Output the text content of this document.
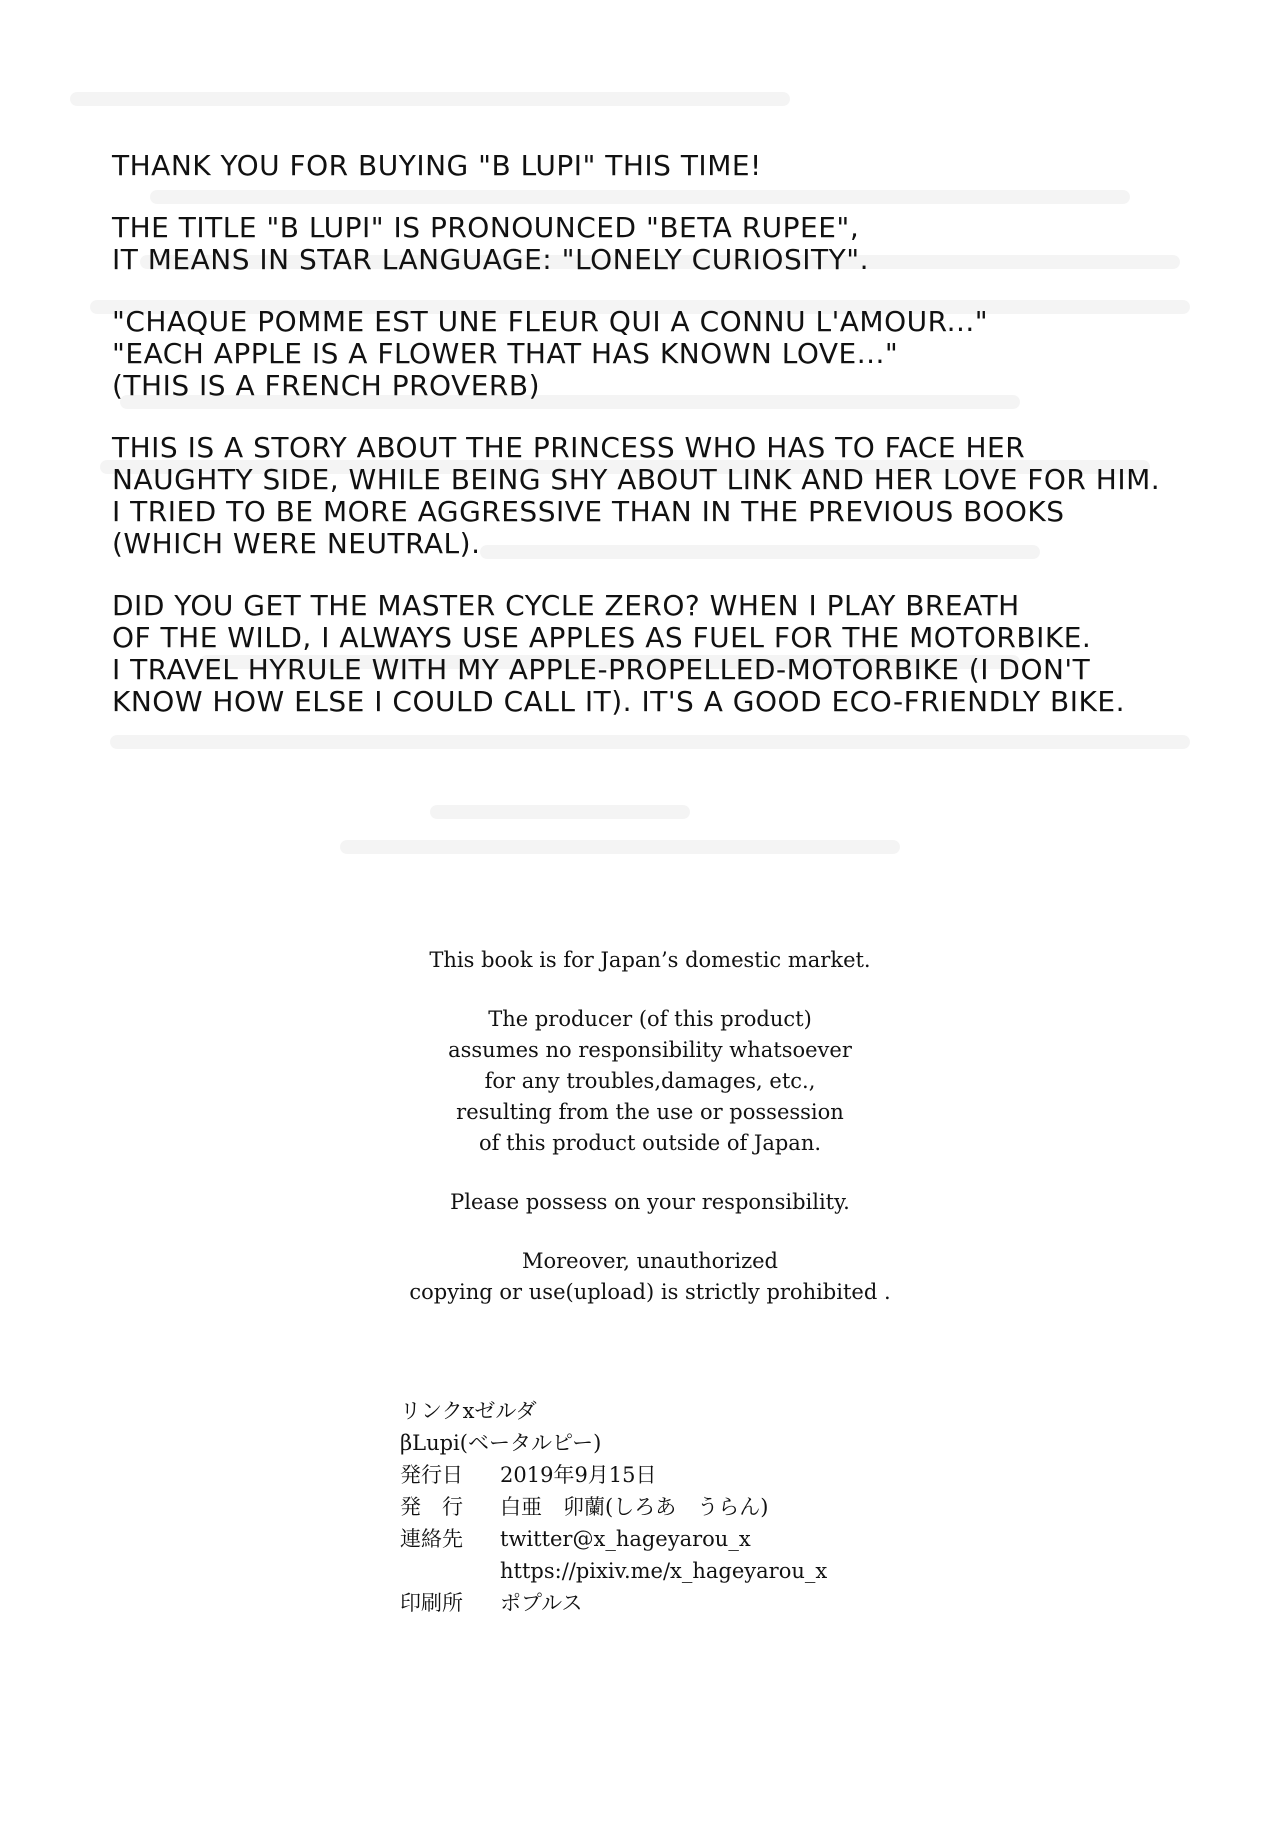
THANK YOU FOR BUYING "Β LUPI" THIS TIME!

THE TITLE "Β LUPI" IS PRONOUNCED "BETA RUPEE",
IT MEANS IN STAR LANGUAGE: "LONELY CURIOSITY".

"CHAQUE POMME EST UNE FLEUR QUI A CONNU L'AMOUR..."
"EACH APPLE IS A FLOWER THAT HAS KNOWN LOVE..."
(THIS IS A FRENCH PROVERB)

THIS IS A STORY ABOUT THE PRINCESS WHO HAS TO FACE HER
NAUGHTY SIDE, WHILE BEING SHY ABOUT LINK AND HER LOVE FOR HIM.
I TRIED TO BE MORE AGGRESSIVE THAN IN THE PREVIOUS BOOKS
(WHICH WERE NEUTRAL).

DID YOU GET THE MASTER CYCLE ZERO? WHEN I PLAY BREATH
OF THE WILD, I ALWAYS USE APPLES AS FUEL FOR THE MOTORBIKE.
I TRAVEL HYRULE WITH MY APPLE-PROPELLED-MOTORBIKE (I DON'T
KNOW HOW ELSE I COULD CALL IT). IT'S A GOOD ECO-FRIENDLY BIKE.

This book is for Japan’s domestic market.

The producer (of this product)
assumes no responsibility whatsoever
for any troubles,damages, etc.,
resulting from the use or possession
of this product outside of Japan.

Please possess on your responsibility.

Moreover, unauthorized
copying or use(upload) is strictly prohibited .

リンクxゼルダ
βLupi(ベータルピー)
発行日	2019年9月15日
発　行	白亜　卯蘭(しろあ　うらん)
連絡先	twitter@x_hageyarou_x
https://pixiv.me/x_hageyarou_x
印刷所	ポプルス
